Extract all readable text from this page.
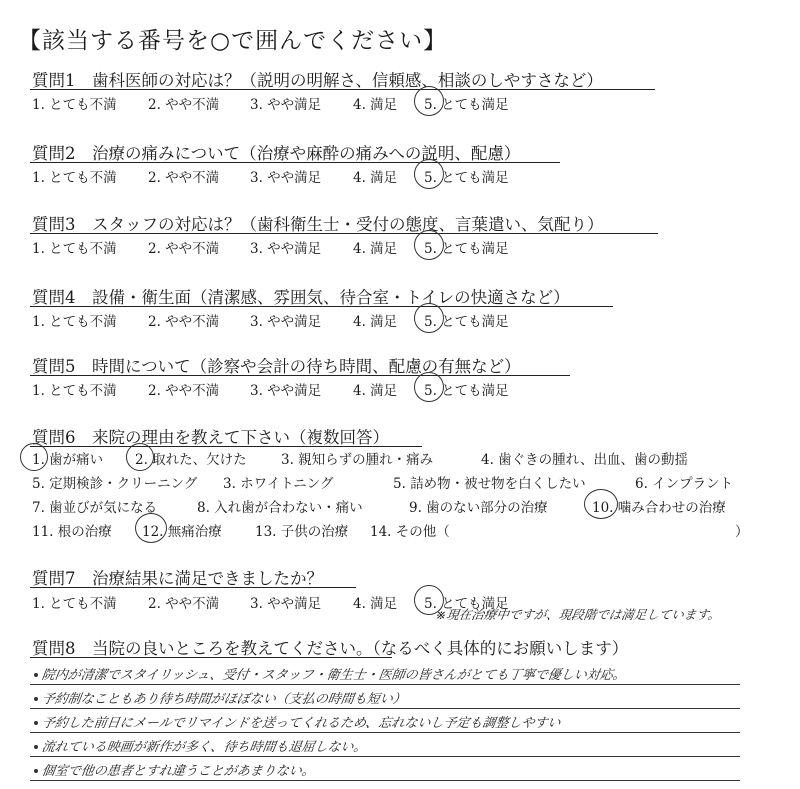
【該当する番号を○で囲んでください】
質問1　歯科医師の対応は？（説明の明解さ、信頼感、相談のしやすさなど）
1. とても不満 2. やや不満 3. やや満足 4. 満足 5. とても満足
質問2　治療の痛みについて（治療や麻酔の痛みへの説明、配慮）
1. とても不満 2. やや不満 3. やや満足 4. 満足 5. とても満足
質問3　スタッフの対応は？（歯科衛生士・受付の態度、言葉遣い、気配り）
1. とても不満 2. やや不満 3. やや満足 4. 満足 5. とても満足
質問4　設備・衛生面（清潔感、雰囲気、待合室・トイレの快適さなど）
1. とても不満 2. やや不満 3. やや満足 4. 満足 5. とても満足
質問5　時間について（診察や会計の待ち時間、配慮の有無など）
1. とても不満 2. やや不満 3. やや満足 4. 満足 5. とても満足
質問6　来院の理由を教えて下さい（複数回答）
1. 歯が痛い 2. 取れた、欠けた	3. 親知らずの腫れ・痛み	4. 歯ぐきの腫れ、出血、歯の動揺
5. 定期検診・クリーニング 3. ホワイトニング	5. 詰め物・被せ物を白くしたい	6. インプラント
7. 歯並びが気になる	8. 入れ歯が合わない・痛い	9. 歯のない部分の治療	10. 噛み合わせの治療
11. 根の治療 12. 無痛治療 13. 子供の治療 14. その他（	）
質問7　治療結果に満足できましたか？
1. とても不満 2. やや不満 3. やや満足 4. 満足 5. とても満足
※現在治療中ですが、現段階では満足しています。
質問8　当院の良いところを教えてください。（なるべく具体的にお願いします）
院内が清潔でスタイリッシュ、受付・スタッフ・衛生士・医師の皆さんがとても丁寧で優しい対応。
予約制なこともあり待ち時間がほぼない（支払の時間も短い）
予約した前日にメールでリマインドを送ってくれるため、忘れないし予定も調整しやすい
流れている映画が新作が多く、待ち時間も退屈しない。
個室で他の患者とすれ違うことがあまりない。
